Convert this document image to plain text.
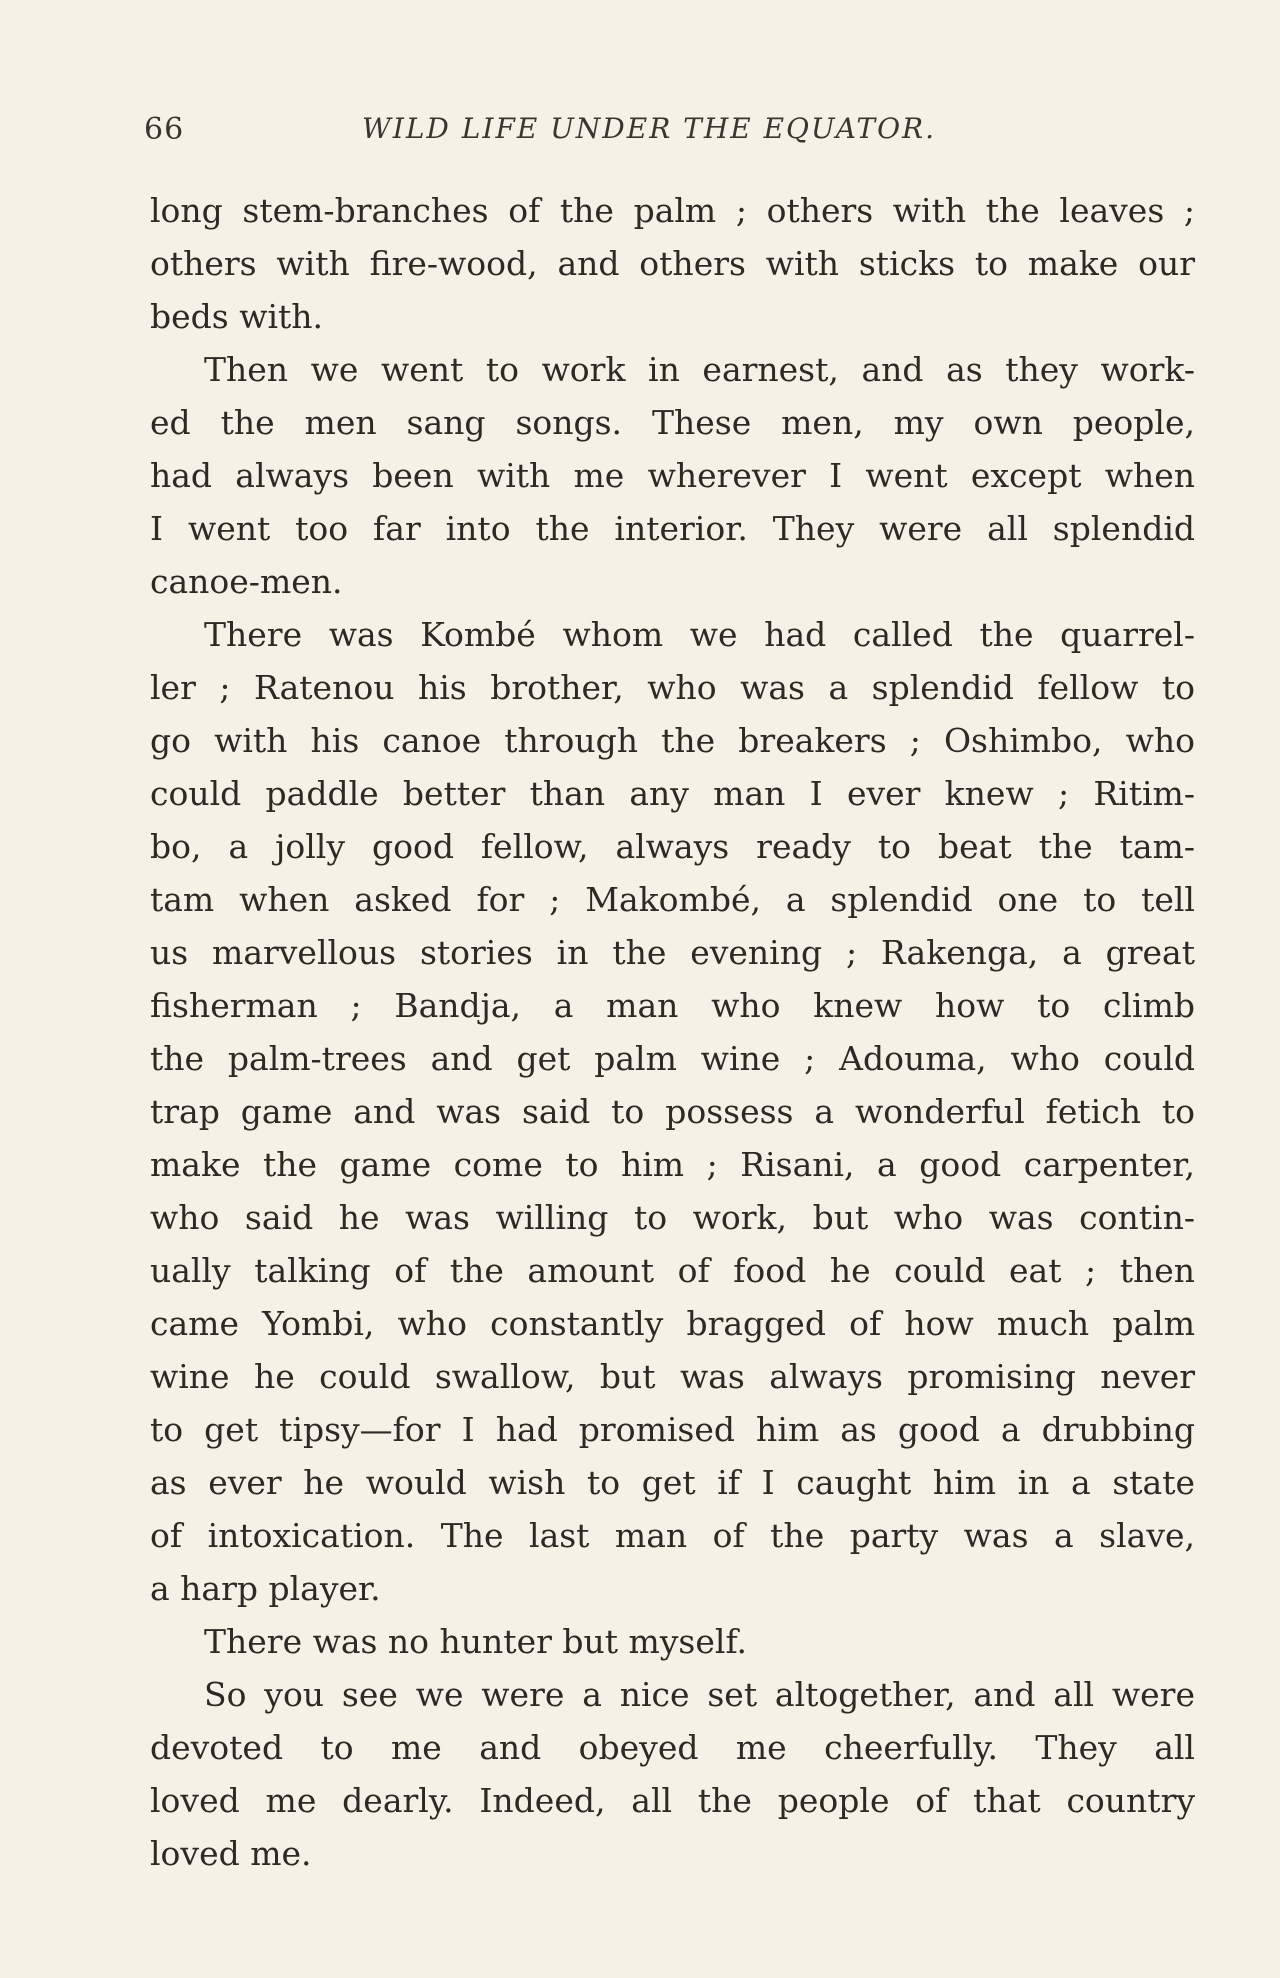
66	WILD LIFE UNDER THE EQUATOR.
long stem-branches of the palm ; others with the leaves ;
others with fire-wood, and others with sticks to make our
beds with.
Then we went to work in earnest, and as they work-
ed the men sang songs. These men, my own people,
had always been with me wherever I went except when
I went too far into the interior. They were all splendid
canoe-men.
There was Kombé whom we had called the quarrel-
ler ; Ratenou his brother, who was a splendid fellow to
go with his canoe through the breakers ; Oshimbo, who
could paddle better than any man I ever knew ; Ritim-
bo, a jolly good fellow, always ready to beat the tam-
tam when asked for ; Makombé, a splendid one to tell
us marvellous stories in the evening ; Rakenga, a great
fisherman ; Bandja, a man who knew how to climb
the palm-trees and get palm wine ; Adouma, who could
trap game and was said to possess a wonderful fetich to
make the game come to him ; Risani, a good carpenter,
who said he was willing to work, but who was contin-
ually talking of the amount of food he could eat ; then
came Yombi, who constantly bragged of how much palm
wine he could swallow, but was always promising never
to get tipsy—for I had promised him as good a drubbing
as ever he would wish to get if I caught him in a state
of intoxication. The last man of the party was a slave,
a harp player.
There was no hunter but myself.
So you see we were a nice set altogether, and all were
devoted to me and obeyed me cheerfully. They all
loved me dearly. Indeed, all the people of that country
loved me.
